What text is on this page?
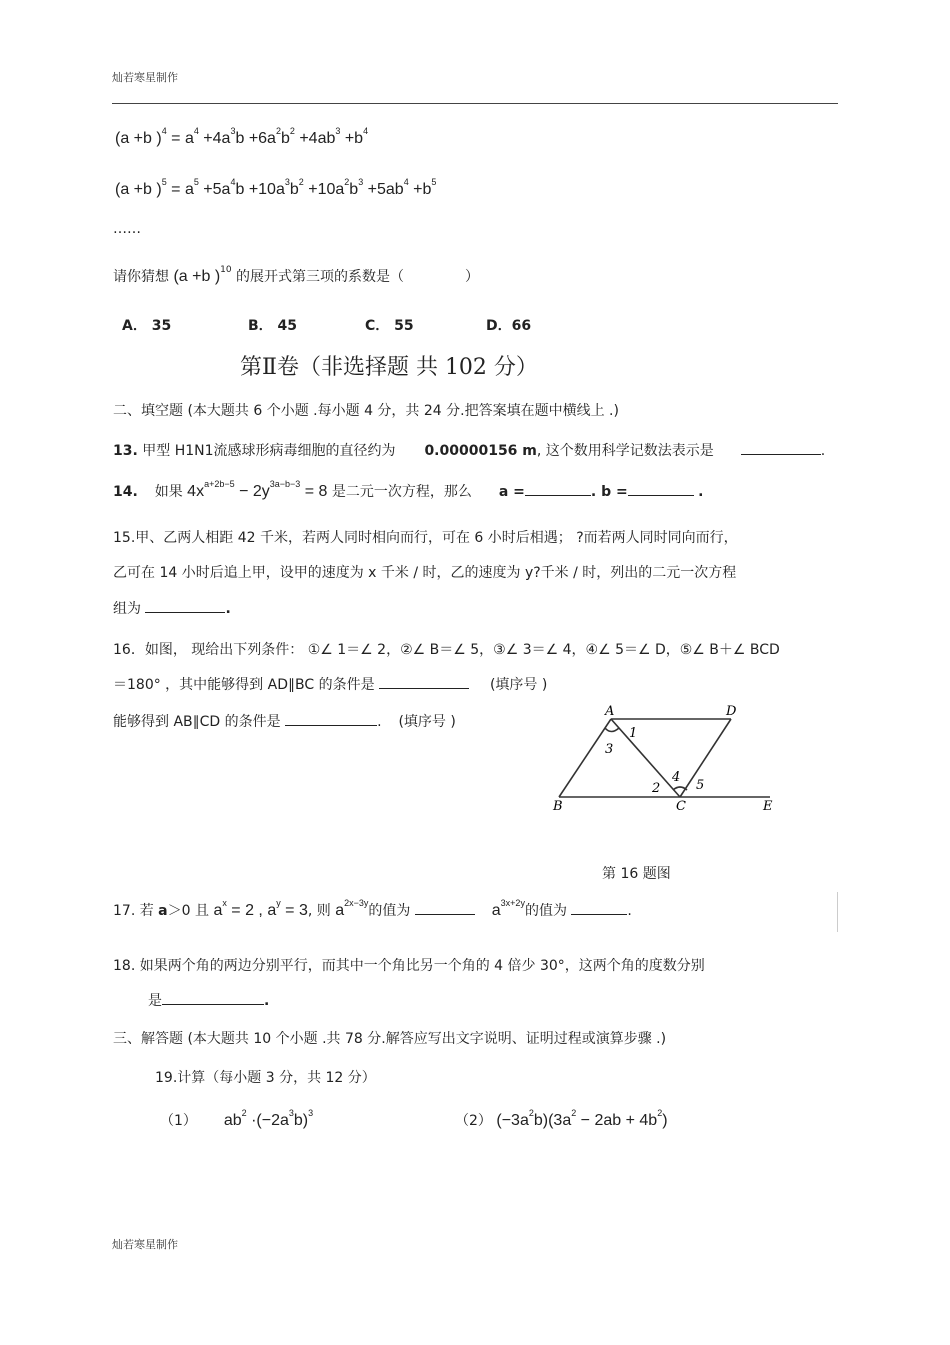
灿若寒星制作
(a +b )$^4 = a^4 +4a^3b +6a^2b^2 +4ab^3 +b^4$
(a +b )$^5 = a^5 +5a^4b +10a^3b^2 +10a^2b^3 +5ab^4 +b^5$
……
请你猜想 (a +b )$^{10}$ 的展开式第三项的系数是（	）
A． 35	B． 45	C． 55	D．66
第Ⅱ卷（非选择题 共 102 分）
二、填空题 (本大题共 6 个小题 .每小题 4 分，共 24 分.把答案填在题中横线上 .)
13. 甲型 H1N1流感球形病毒细胞的直径约为 0.00000156 m, 这个数用科学记数法表示是	.
14. 如果 $4x^{a+2b-5} - 2y^{3a-b-3} = 8$ 是二元一次方程，那么 a =	. b =	.
15.甲、乙两人相距 42 千米，若两人同时相向而行，可在 6 小时后相遇； ?而若两人同时同向而行，
乙可在 14 小时后追上甲，设甲的速度为 x 千米 / 时，乙的速度为 y?千米 / 时，列出的二元一次方程
组为	.
16．如图， 现给出下列条件： ①∠ 1＝∠ 2，②∠ B＝∠ 5，③∠ 3＝∠ 4，④∠ 5＝∠ D，⑤∠ B＋∠ BCD
＝180° ，其中能够得到 AD∥BC 的条件是	(填序号 )
能够得到 AB∥CD 的条件是	. (填序号 )
A	D
1
3
4
2	5
B	C	E
第 16 题图
17. 若 a＞0 且 $a^x = 2$ , $a^y = 3$, 则 $a^{2x-3y}$的值为	$a^{3x+2y}$的值为	.
18. 如果两个角的两边分别平行，而其中一个角比另一个角的 4 倍少 30°，这两个角的度数分别
是	.
三、解答题 (本大题共 10 个小题 .共 78 分.解答应写出文字说明、证明过程或演算步骤 .)
19.计算（每小题 3 分，共 12 分）
（1） $ab^2 \cdot(-2a^3b)^3$	（2） $(-3a^2b)(3a^2 - 2ab + 4b^2)$
灿若寒星制作
